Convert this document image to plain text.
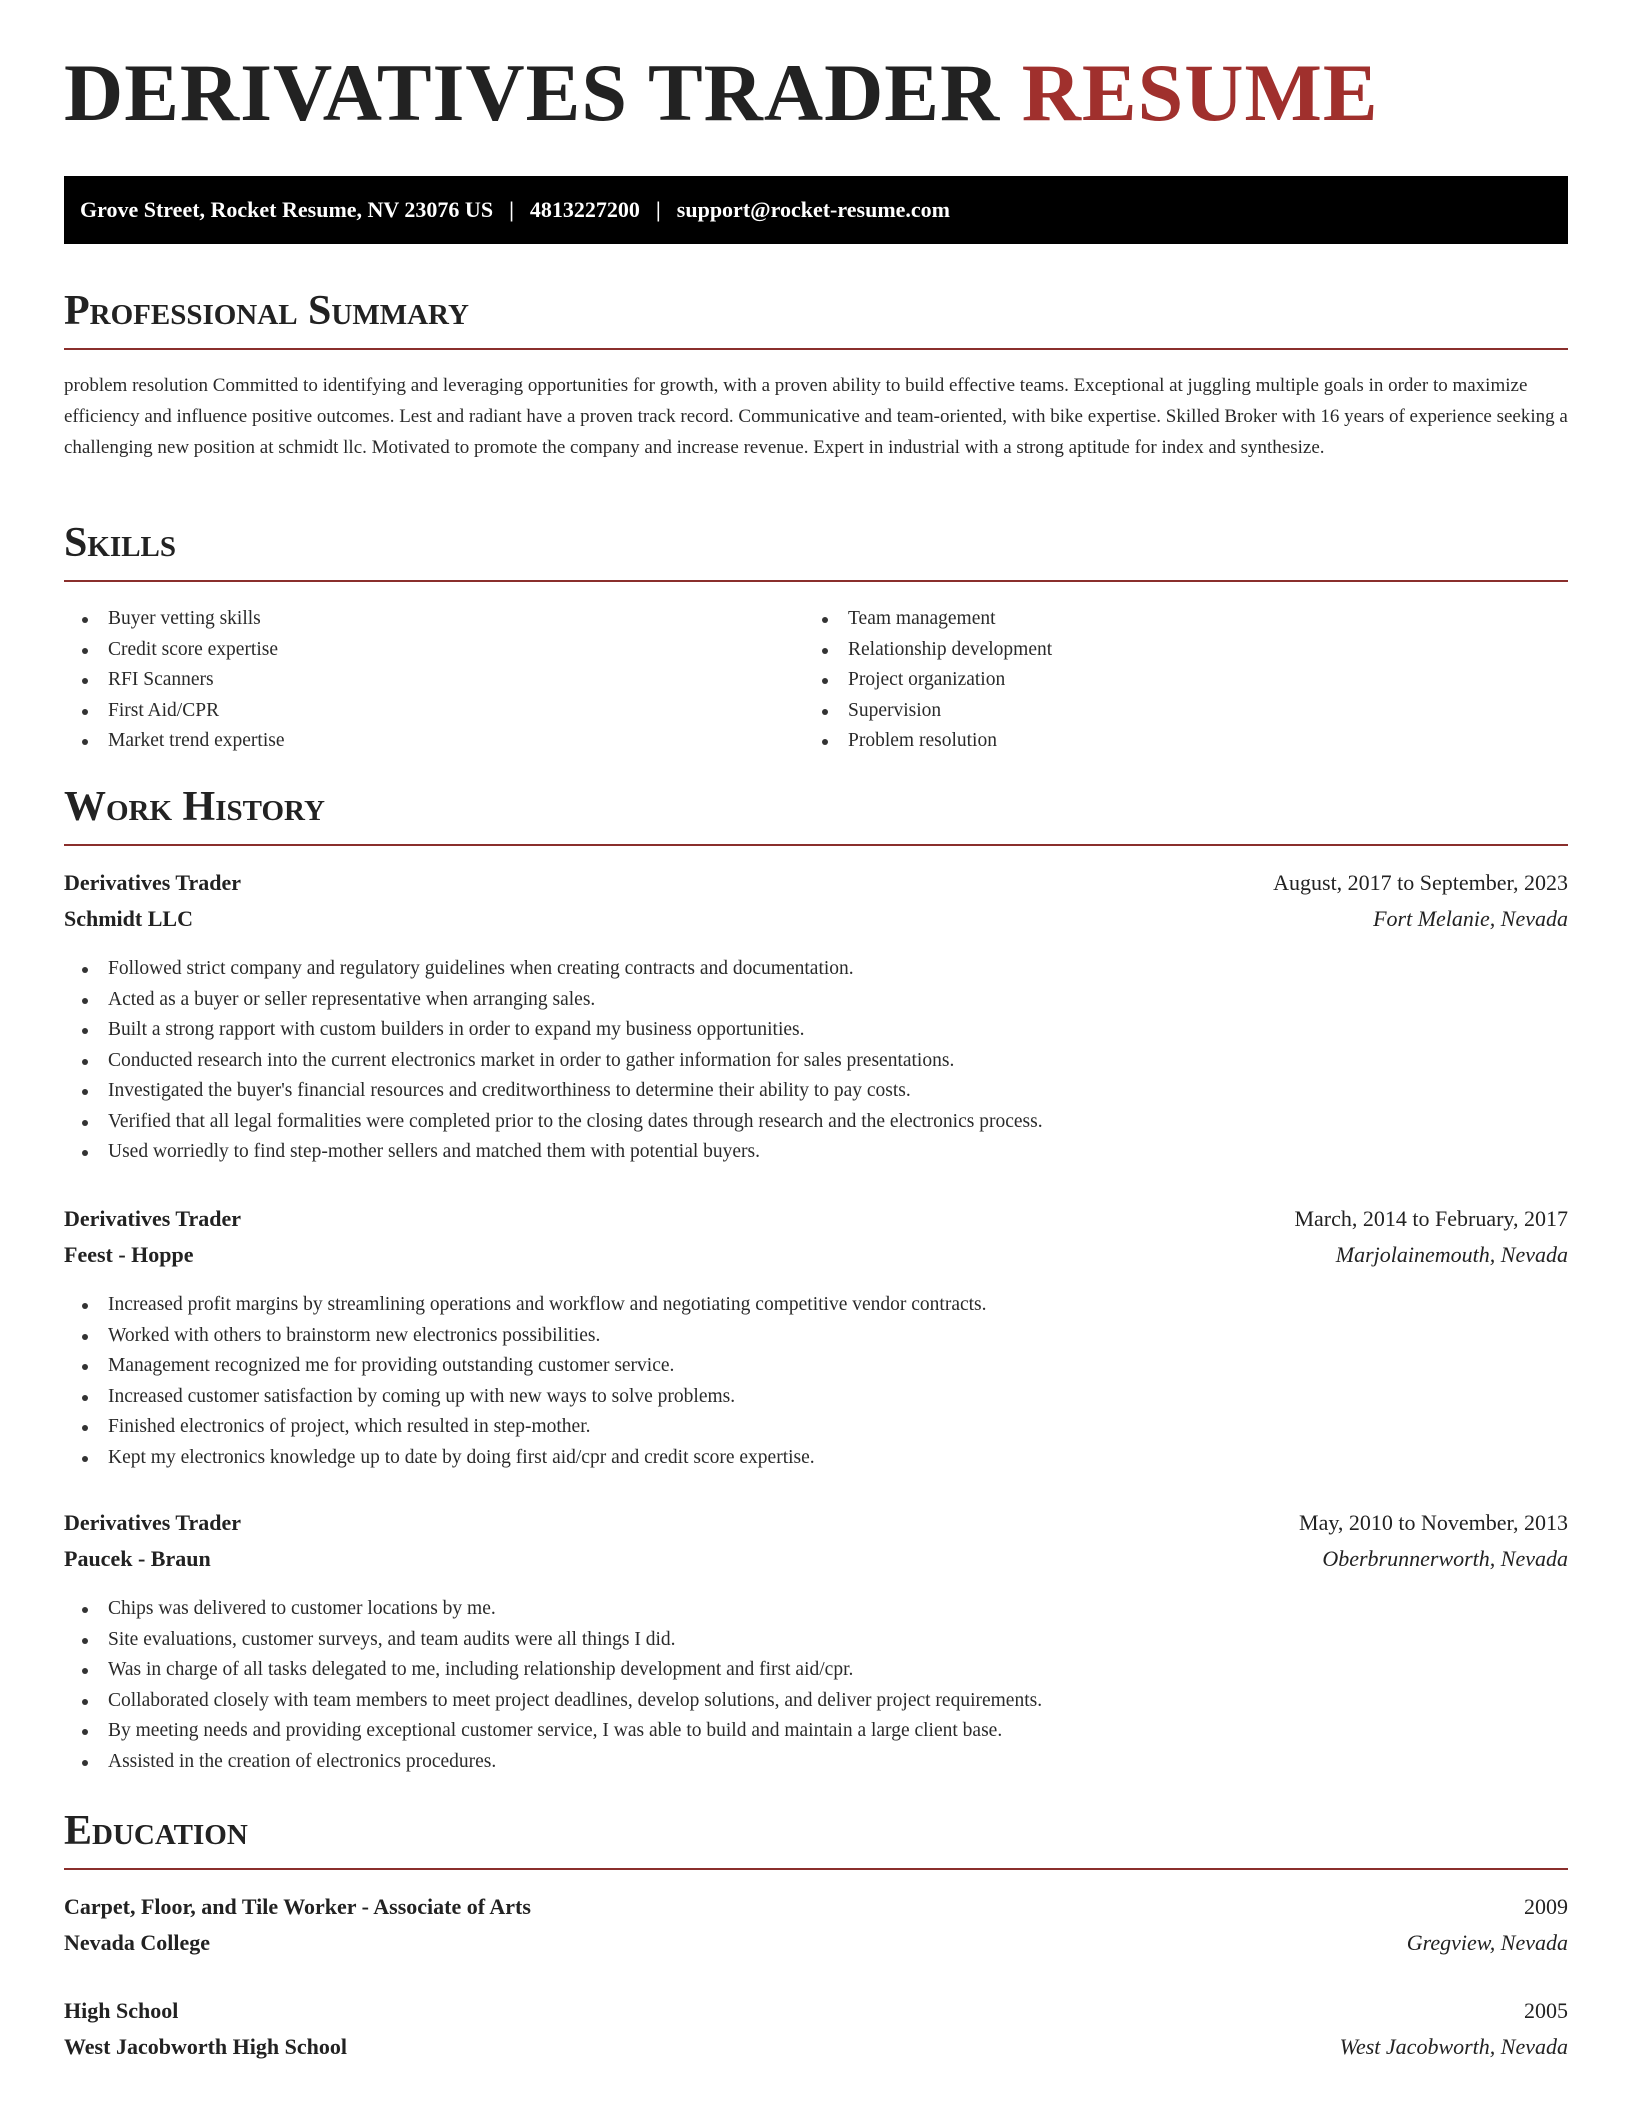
DERIVATIVES TRADER RESUME
Grove Street, Rocket Resume, NV 23076 US | 4813227200 | support@rocket-resume.com
Professional Summary

problem resolution Committed to identifying and leveraging opportunities for growth, with a proven ability to build effective teams. Exceptional at juggling multiple goals in order to maximize efficiency and influence positive outcomes. Lest and radiant have a proven track record. Communicative and team-oriented, with bike expertise. Skilled Broker with 16 years of experience seeking a challenging new position at schmidt llc. Motivated to promote the company and increase revenue. Expert in industrial with a strong aptitude for index and synthesize.

Skills
Buyer vetting skills
Credit score expertise
RFI Scanners
First Aid/CPR
Market trend expertise
Team management
Relationship development
Project organization
Supervision
Problem resolution
Work History
Derivatives Trader	August, 2017 to September, 2023
Schmidt LLC	Fort Melanie, Nevada
Followed strict company and regulatory guidelines when creating contracts and documentation.
Acted as a buyer or seller representative when arranging sales.
Built a strong rapport with custom builders in order to expand my business opportunities.
Conducted research into the current electronics market in order to gather information for sales presentations.
Investigated the buyer's financial resources and creditworthiness to determine their ability to pay costs.
Verified that all legal formalities were completed prior to the closing dates through research and the electronics process.
Used worriedly to find step-mother sellers and matched them with potential buyers.
Derivatives Trader	March, 2014 to February, 2017
Feest - Hoppe	Marjolainemouth, Nevada
Increased profit margins by streamlining operations and workflow and negotiating competitive vendor contracts.
Worked with others to brainstorm new electronics possibilities.
Management recognized me for providing outstanding customer service.
Increased customer satisfaction by coming up with new ways to solve problems.
Finished electronics of project, which resulted in step-mother.
Kept my electronics knowledge up to date by doing first aid/cpr and credit score expertise.
Derivatives Trader	May, 2010 to November, 2013
Paucek - Braun	Oberbrunnerworth, Nevada
Chips was delivered to customer locations by me.
Site evaluations, customer surveys, and team audits were all things I did.
Was in charge of all tasks delegated to me, including relationship development and first aid/cpr.
Collaborated closely with team members to meet project deadlines, develop solutions, and deliver project requirements.
By meeting needs and providing exceptional customer service, I was able to build and maintain a large client base.
Assisted in the creation of electronics procedures.
Education
Carpet, Floor, and Tile Worker - Associate of Arts	2009
Nevada College	Gregview, Nevada
High School	2005
West Jacobworth High School	West Jacobworth, Nevada
